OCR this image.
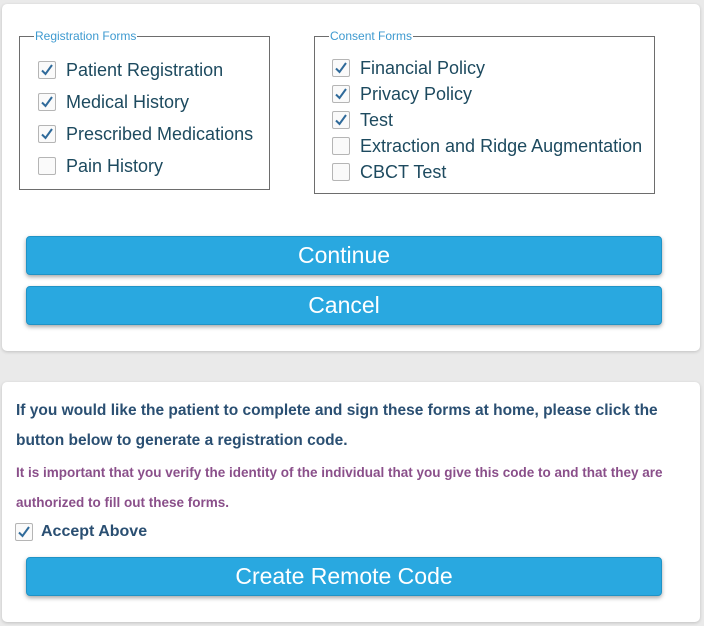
Registration Forms
Patient Registration
Medical History
Prescribed Medications
Pain History
Consent Forms
Financial Policy
Privacy Policy
Test
Extraction and Ridge Augmentation
CBCT Test
Continue
Cancel

If you would like the patient to complete and sign these forms at home, please click the button below to generate a registration code.

It is important that you verify the identity of the individual that you give this code to and that they are authorized to fill out these forms.

Accept Above
Create Remote Code
